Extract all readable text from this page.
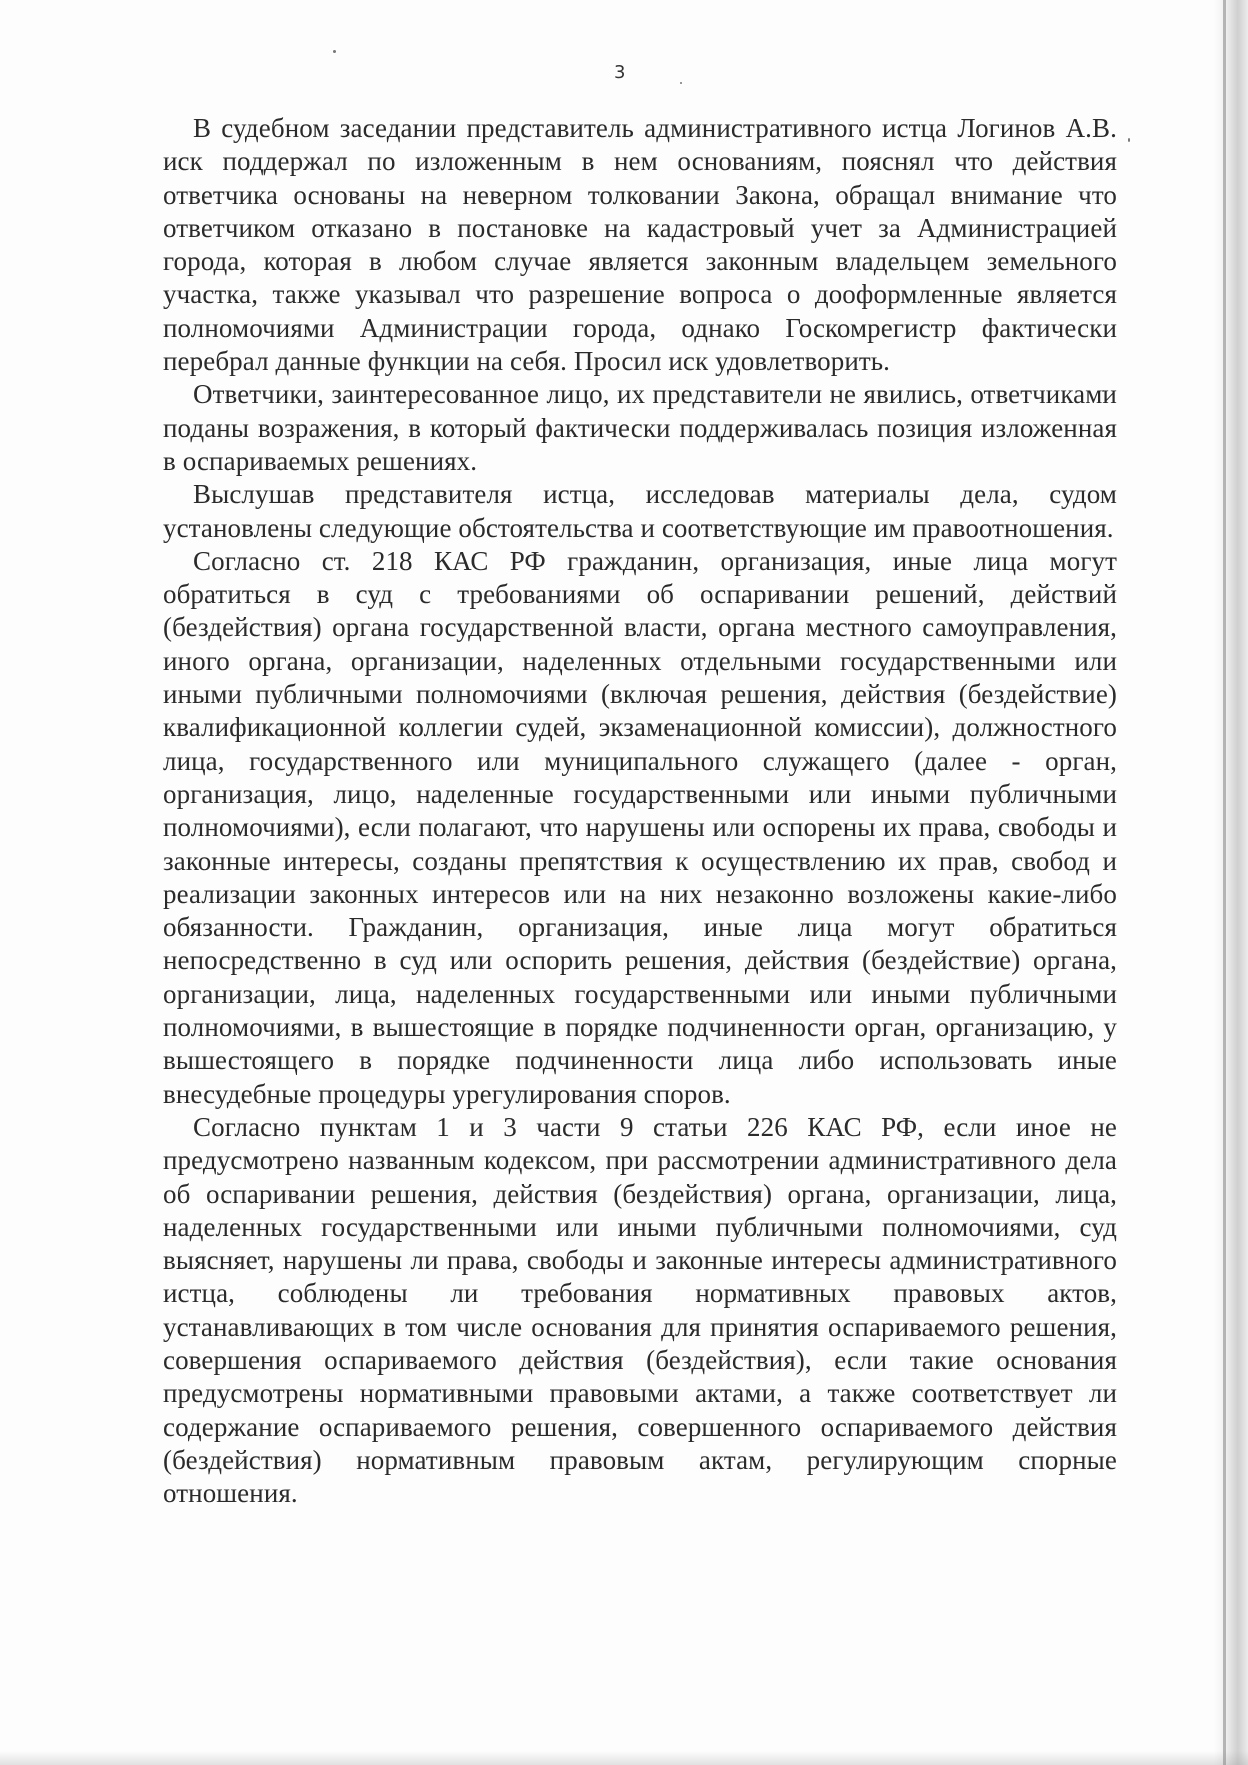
3

В судебном заседании представитель административного истца Логинов А.В. иск поддержал по изложенным в нем основаниям, пояснял что действия ответчика основаны на неверном толковании Закона, обращал внимание что ответчиком отказано в постановке на кадастровый учет за Администрацией города, которая в любом случае является законным владельцем земельного участка, также указывал что разрешение вопроса о дооформленные является полномочиями Администрации города, однако Госкомрегистр фактически перебрал данные функции на себя. Просил иск удовлетворить.

Ответчики, заинтересованное лицо, их представители не явились, ответчиками поданы возражения, в который фактически поддерживалась позиция изложенная в оспариваемых решениях.

Выслушав представителя истца, исследовав материалы дела, судом установлены следующие обстоятельства и соответствующие им правоотношения.

Согласно ст. 218 КАС РФ гражданин, организация, иные лица могут обратиться в суд с требованиями об оспаривании решений, действий (бездействия) органа государственной власти, органа местного самоуправления, иного органа, организации, наделенных отдельными государственными или иными публичными полномочиями (включая решения, действия (бездействие) квалификационной коллегии судей, экзаменационной комиссии), должностного лица, государственного или муниципального служащего (далее - орган, организация, лицо, наделенные государственными или иными публичными полномочиями), если полагают, что нарушены или оспорены их права, свободы и законные интересы, созданы препятствия к осуществлению их прав, свобод и реализации законных интересов или на них незаконно возложены какие-либо обязанности. Гражданин, организация, иные лица могут обратиться непосредственно в суд или оспорить решения, действия (бездействие) органа, организации, лица, наделенных государственными или иными публичными полномочиями, в вышестоящие в порядке подчиненности орган, организацию, у вышестоящего в порядке подчиненности лица либо использовать иные внесудебные процедуры урегулирования споров.

Согласно пунктам 1 и 3 части 9 статьи 226 КАС РФ, если иное не предусмотрено названным кодексом, при рассмотрении административного дела об оспаривании решения, действия (бездействия) органа, организации, лица, наделенных государственными или иными публичными полномочиями, суд выясняет, нарушены ли права, свободы и законные интересы административного истца, соблюдены ли требования нормативных правовых актов, устанавливающих в том числе основания для принятия оспариваемого решения, совершения оспариваемого действия (бездействия), если такие основания предусмотрены нормативными правовыми актами, а также соответствует ли содержание оспариваемого решения, совершенного оспариваемого действия (бездействия) нормативным правовым актам, регулирующим спорные отношения.
